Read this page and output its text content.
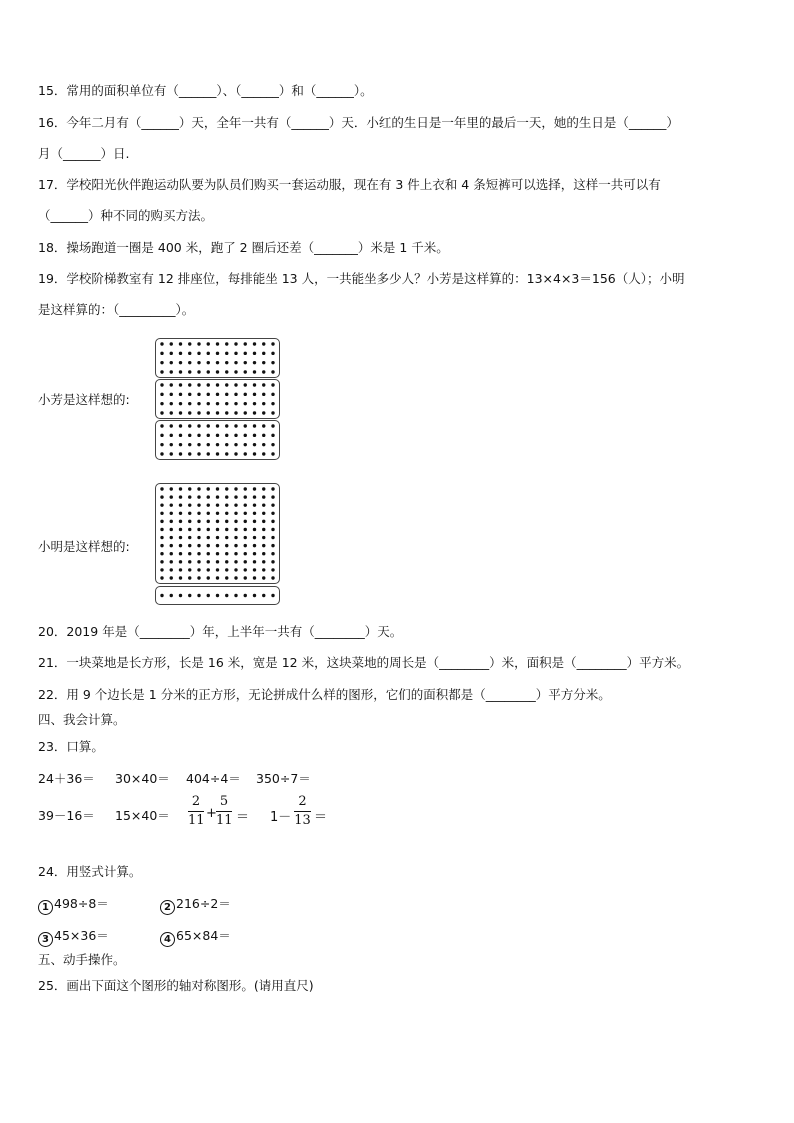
15．常用的面积单位有（______）、（______）和（______）。
16．今年二月有（______）天，全年一共有（______）天．小红的生日是一年里的最后一天，她的生日是（______）
月（______）日.
17．学校阳光伙伴跑运动队要为队员们购买一套运动服，现在有 3 件上衣和 4 条短裤可以选择，这样一共可以有
（______）种不同的购买方法。
18．操场跑道一圈是 400 米，跑了 2 圈后还差（_______）米是 1 千米。
19．学校阶梯教室有 12 排座位，每排能坐 13 人，一共能坐多少人？小芳是这样算的：13×4×3＝156（人）；小明
是这样算的：（_________）。
小芳是这样想的:
小明是这样想的:
20．2019 年是（________）年，上半年一共有（________）天。
21．一块菜地是长方形，长是 16 米，宽是 12 米，这块菜地的周长是（________）米，面积是（________）平方米。
22．用 9 个边长是 1 分米的正方形，无论拼成什么样的图形，它们的面积都是（________）平方分米。
四、我会计算。
23．口算。
24＋36＝ 30×40＝ 404÷4＝ 350÷7＝
39－16＝ 15×40＝
2
11 +
5
11 ＝ 1－
2
13 ＝
24．用竖式计算。
1 498÷8＝	2 216÷2＝
3 45×36＝	4 65×84＝
五、动手操作。
25．画出下面这个图形的轴对称图形。(请用直尺)
